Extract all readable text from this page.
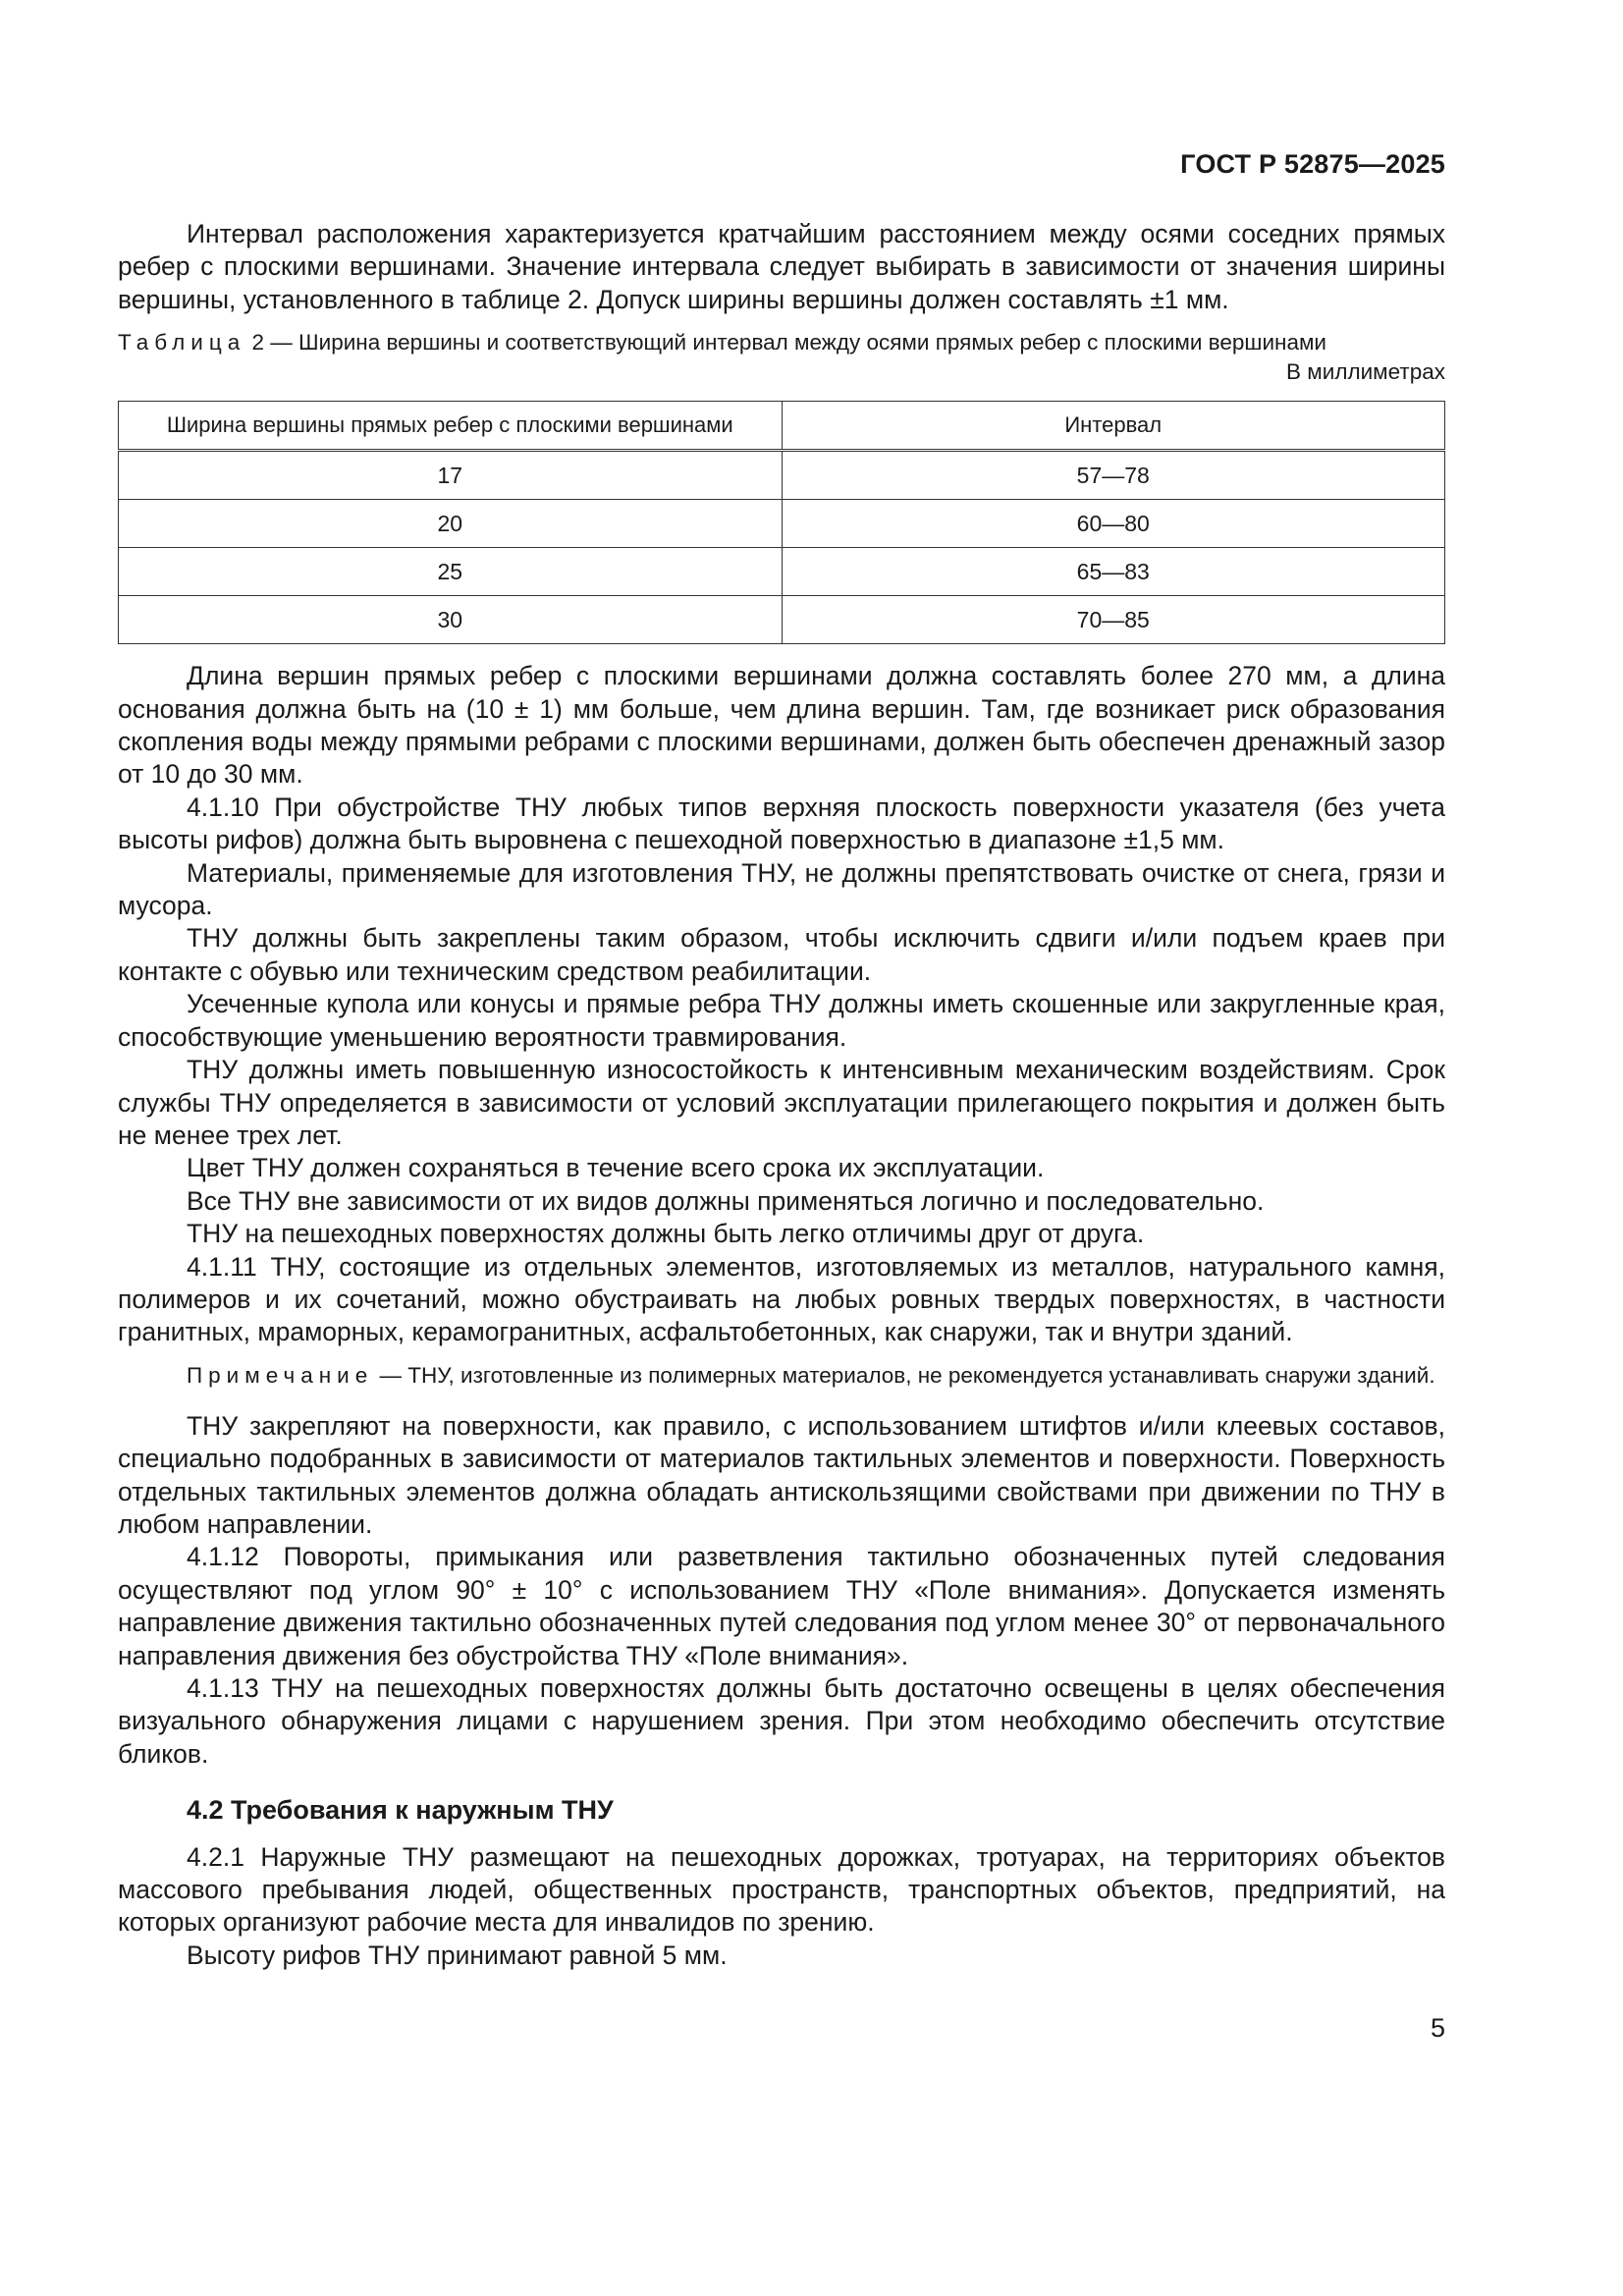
ГОСТ Р 52875—2025

Интервал расположения характеризуется кратчайшим расстоянием между осями соседних прямых ребер с плоскими вершинами. Значение интервала следует выбирать в зависимости от значения ширины вершины, установленного в таблице 2. Допуск ширины вершины должен составлять ±1 мм.

Таблица 2 — Ширина вершины и соответствующий интервал между осями прямых ребер с плоскими вершинами

В миллиметрах

Ширина вершины прямых ребер с плоскими вершинами	Интервал
17	57—78
20	60—80
25	65—83
30	70—85

Длина вершин прямых ребер с плоскими вершинами должна составлять более 270 мм, а длина основания должна быть на (10 ± 1) мм больше, чем длина вершин. Там, где возникает риск образования скопления воды между прямыми ребрами с плоскими вершинами, должен быть обеспечен дренажный зазор от 10 до 30 мм.

4.1.10 При обустройстве ТНУ любых типов верхняя плоскость поверхности указателя (без учета высоты рифов) должна быть выровнена с пешеходной поверхностью в диапазоне ±1,5 мм.

Материалы, применяемые для изготовления ТНУ, не должны препятствовать очистке от снега, грязи и мусора.

ТНУ должны быть закреплены таким образом, чтобы исключить сдвиги и/или подъем краев при контакте с обувью или техническим средством реабилитации.

Усеченные купола или конусы и прямые ребра ТНУ должны иметь скошенные или закругленные края, способствующие уменьшению вероятности травмирования.

ТНУ должны иметь повышенную износостойкость к интенсивным механическим воздействиям. Срок службы ТНУ определяется в зависимости от условий эксплуатации прилегающего покрытия и должен быть не менее трех лет.

Цвет ТНУ должен сохраняться в течение всего срока их эксплуатации.

Все ТНУ вне зависимости от их видов должны применяться логично и последовательно.

ТНУ на пешеходных поверхностях должны быть легко отличимы друг от друга.

4.1.11 ТНУ, состоящие из отдельных элементов, изготовляемых из металлов, натурального камня, полимеров и их сочетаний, можно обустраивать на любых ровных твердых поверхностях, в частности гранитных, мраморных, керамогранитных, асфальтобетонных, как снаружи, так и внутри зданий.

Примечание — ТНУ, изготовленные из полимерных материалов, не рекомендуется устанавливать снаружи зданий.

ТНУ закрепляют на поверхности, как правило, с использованием штифтов и/или клеевых составов, специально подобранных в зависимости от материалов тактильных элементов и поверхности. Поверхность отдельных тактильных элементов должна обладать антискользящими свойствами при движении по ТНУ в любом направлении.

4.1.12 Повороты, примыкания или разветвления тактильно обозначенных путей следования осуществляют под углом 90° ± 10° с использованием ТНУ «Поле внимания». Допускается изменять направление движения тактильно обозначенных путей следования под углом менее 30° от первоначального направления движения без обустройства ТНУ «Поле внимания».

4.1.13 ТНУ на пешеходных поверхностях должны быть достаточно освещены в целях обеспечения визуального обнаружения лицами с нарушением зрения. При этом необходимо обеспечить отсутствие бликов.

4.2 Требования к наружным ТНУ

4.2.1 Наружные ТНУ размещают на пешеходных дорожках, тротуарах, на территориях объектов массового пребывания людей, общественных пространств, транспортных объектов, предприятий, на которых организуют рабочие места для инвалидов по зрению.

Высоту рифов ТНУ принимают равной 5 мм.

5
